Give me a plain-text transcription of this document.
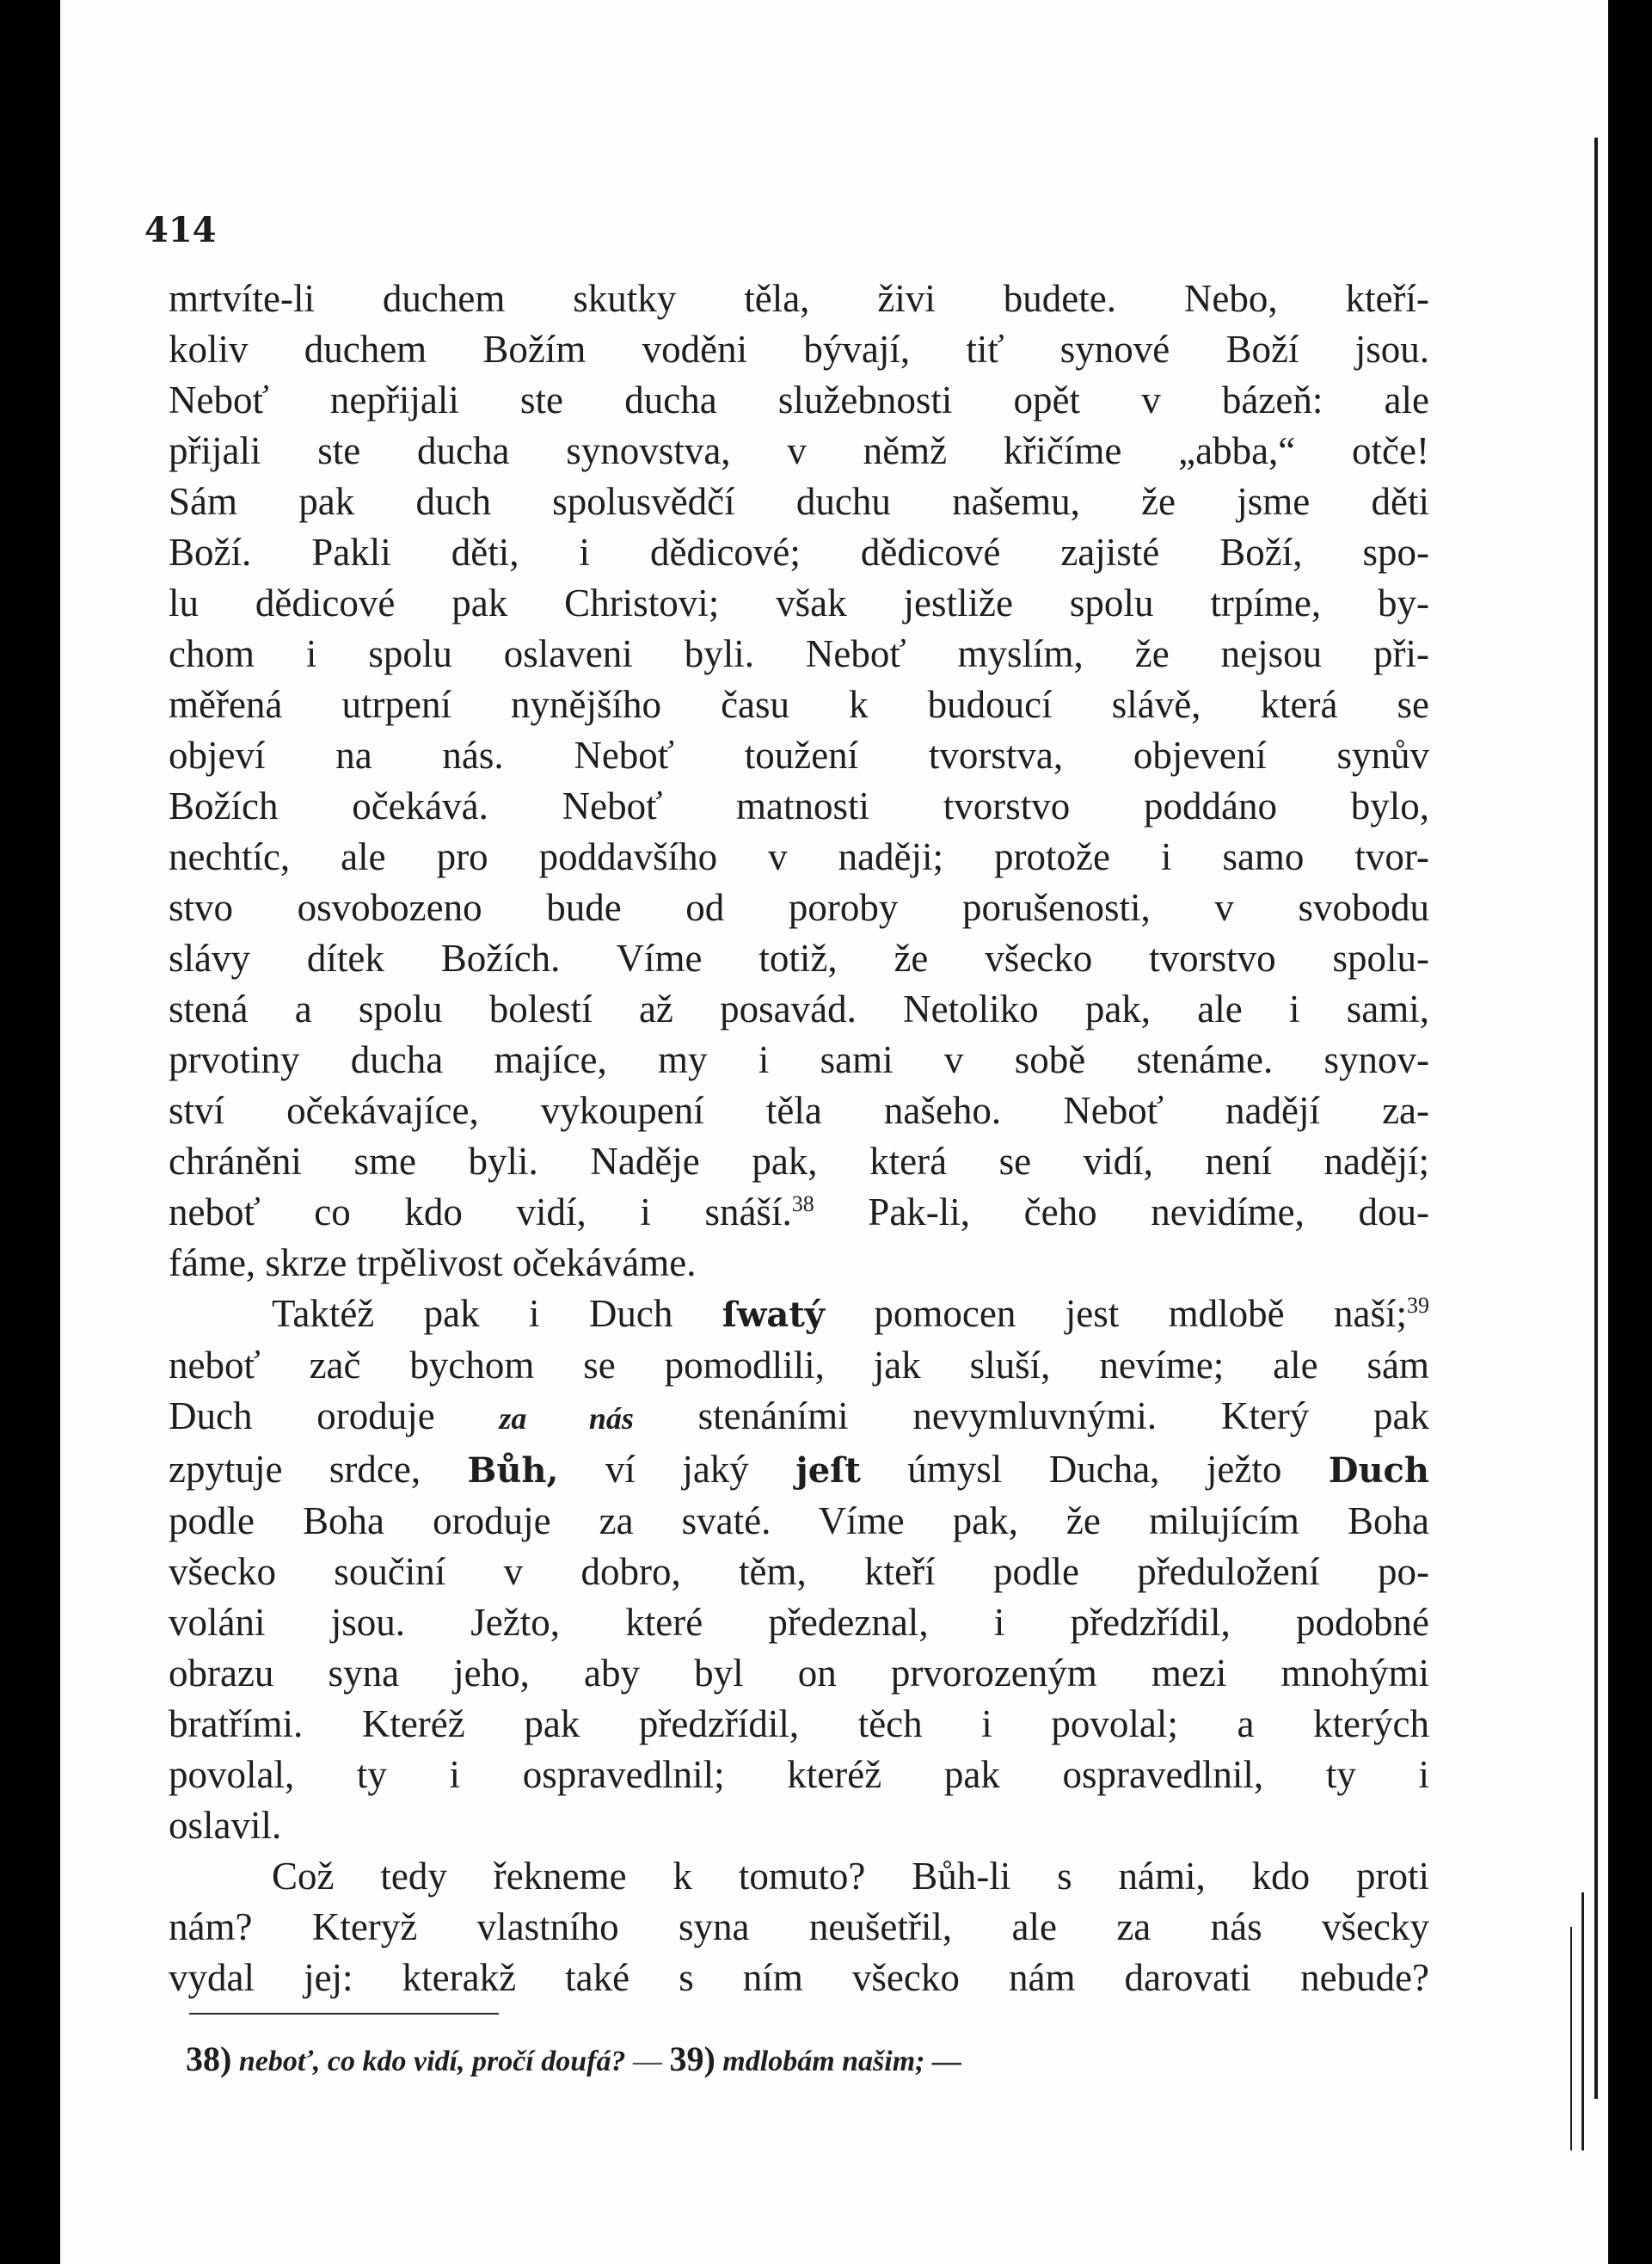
414
mrtvíte-li duchem skutky těla, živi budete. Nebo, kteří-
koliv duchem Božím voděni bývají, tiť synové Boží jsou.
Neboť nepřijali ste ducha služebnosti opět v bázeň: ale
přijali ste ducha synovstva, v němž křičíme „abba,“ otče!
Sám pak duch spolusvědčí duchu našemu, že jsme děti
Boží. Pakli děti, i dědicové; dědicové zajisté Boží, spo-
lu dědicové pak Christovi; však jestliže spolu trpíme, by-
chom i spolu oslaveni byli. Neboť myslím, že nejsou při-
měřená utrpení nynějšího času k budoucí slávě, která se
objeví na nás. Neboť toužení tvorstva, objevení synův
Božích očekává. Neboť matnosti tvorstvo poddáno bylo,
nechtíc, ale pro poddavšího v naději; protože i samo tvor-
stvo osvobozeno bude od poroby porušenosti, v svobodu
slávy dítek Božích. Víme totiž, že všecko tvorstvo spolu-
stená a spolu bolestí až posavád. Netoliko pak, ale i sami,
prvotiny ducha majíce, my i sami v sobě stenáme. synov-
ství očekávajíce, vykoupení těla našeho. Neboť nadějí za-
chráněni sme byli. Naděje pak, která se vidí, není nadějí;
neboť co kdo vidí, i snáší.$^{38}$ Pak-li, čeho nevidíme, dou-
fáme, skrze trpělivost očekáváme.
Taktéž pak i Duch ſwatý pomocen jest mdlobě naší;$^{39}$
neboť zač bychom se pomodlili, jak sluší, nevíme; ale sám
Duch oroduje za nás stenáními nevymluvnými. Který pak
zpytuje srdce, Bůh, ví jaký jeſt úmysl Ducha, ježto Duch
podle Boha oroduje za svaté. Víme pak, že milujícím Boha
všecko součiní v dobro, těm, kteří podle předuložení po-
voláni jsou. Ježto, které předeznal, i předzřídil, podobné
obrazu syna jeho, aby byl on prvorozeným mezi mnohými
bratřími. Kteréž pak předzřídil, těch i povolal; a kterých
povolal, ty i ospravedlnil; kteréž pak ospravedlnil, ty i
oslavil.
Což tedy řekneme k tomuto? Bůh-li s námi, kdo proti
nám? Kteryž vlastního syna neušetřil, ale za nás všecky
vydal jej: kterakž také s ním všecko nám darovati nebude?
38) neboť, co kdo vidí, pročí doufá? — 39) mdlobám našim; —
